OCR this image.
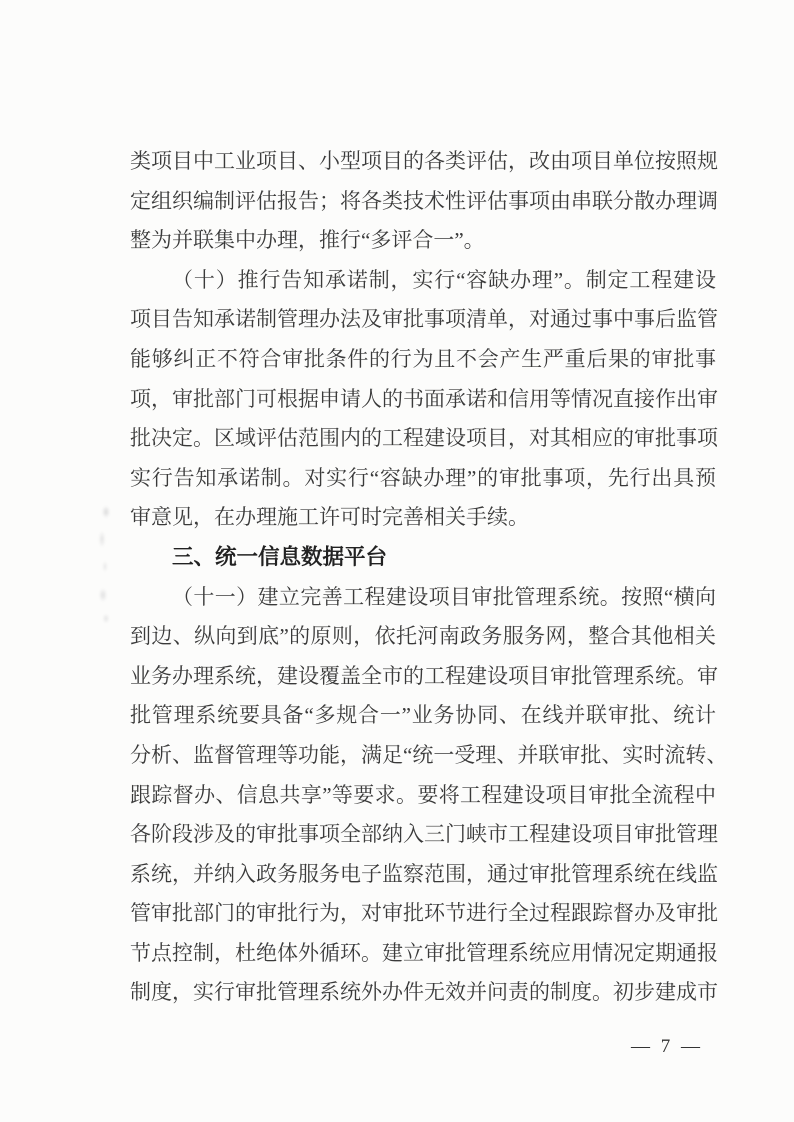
类项目中工业项目、小型项目的各类评估，改由项目单位按照规
定组织编制评估报告；将各类技术性评估事项由串联分散办理调
整为并联集中办理，推行“多评合一”。
（十）推行告知承诺制，实行“容缺办理”。制定工程建设
项目告知承诺制管理办法及审批事项清单，对通过事中事后监管
能够纠正不符合审批条件的行为且不会产生严重后果的审批事
项，审批部门可根据申请人的书面承诺和信用等情况直接作出审
批决定。区域评估范围内的工程建设项目，对其相应的审批事项
实行告知承诺制。对实行“容缺办理”的审批事项，先行出具预
审意见，在办理施工许可时完善相关手续。
三、统一信息数据平台
（十一）建立完善工程建设项目审批管理系统。按照“横向
到边、纵向到底”的原则，依托河南政务服务网，整合其他相关
业务办理系统，建设覆盖全市的工程建设项目审批管理系统。审
批管理系统要具备“多规合一”业务协同、在线并联审批、统计
分析、监督管理等功能，满足“统一受理、并联审批、实时流转、
跟踪督办、信息共享”等要求。要将工程建设项目审批全流程中
各阶段涉及的审批事项全部纳入三门峡市工程建设项目审批管理
系统，并纳入政务服务电子监察范围，通过审批管理系统在线监
管审批部门的审批行为，对审批环节进行全过程跟踪督办及审批
节点控制，杜绝体外循环。建立审批管理系统应用情况定期通报
制度，实行审批管理系统外办件无效并问责的制度。初步建成市
— 7 —
